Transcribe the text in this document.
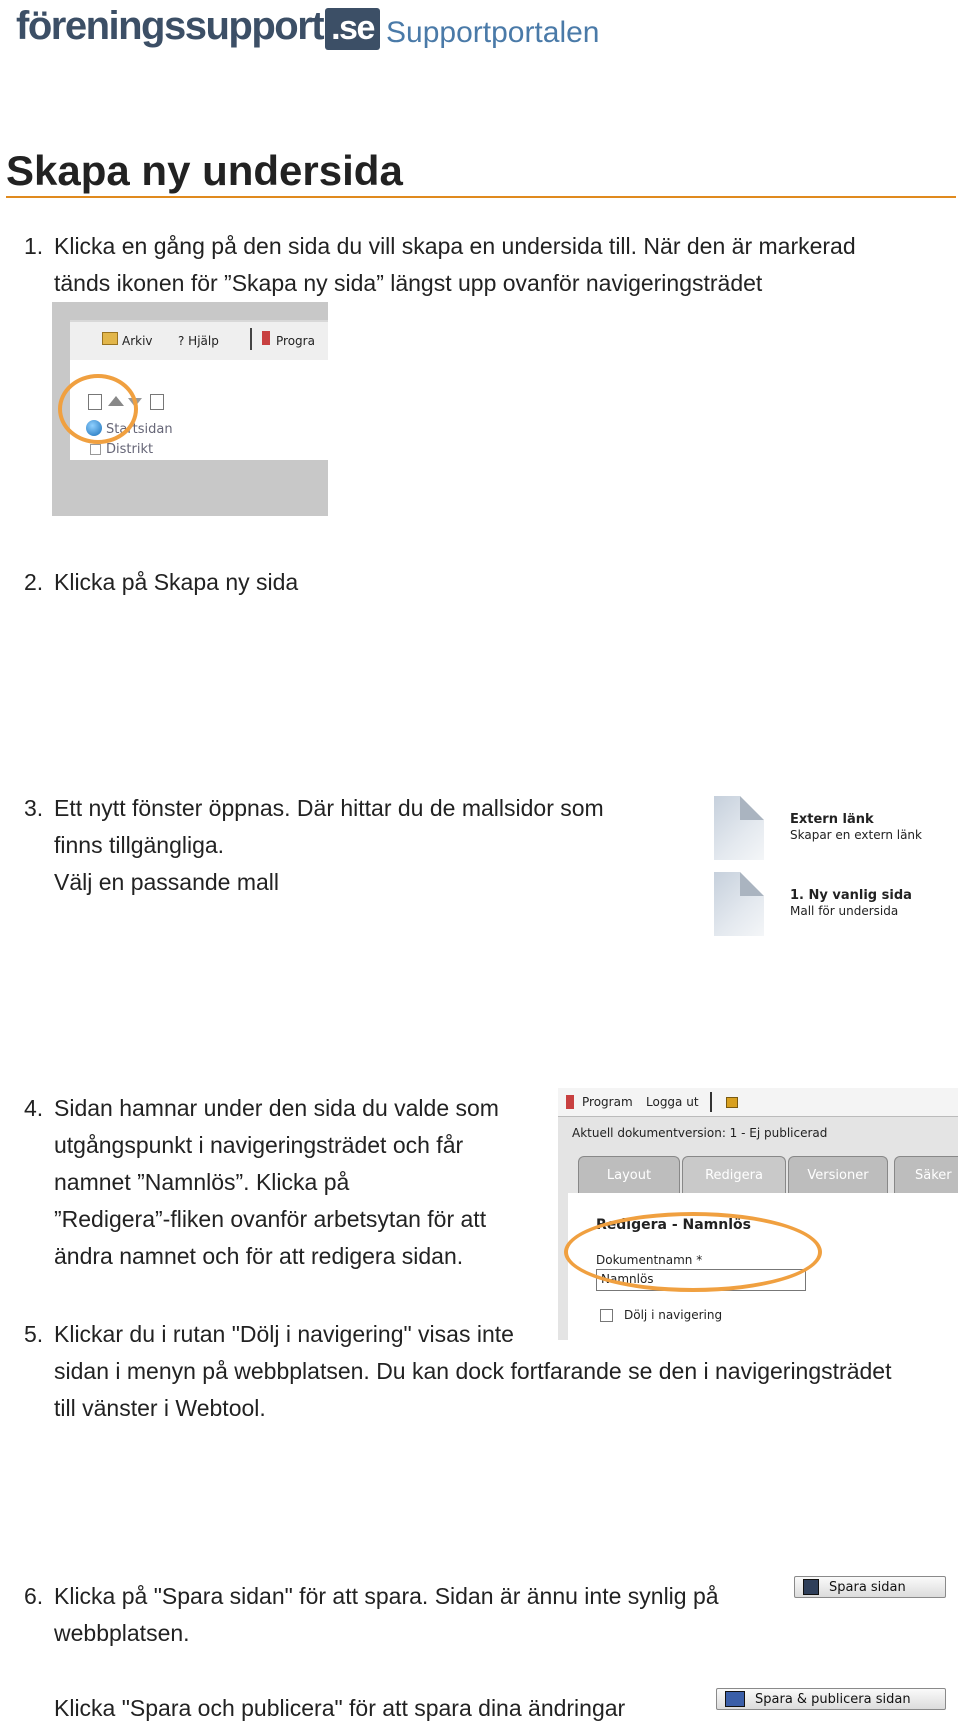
föreningssupport .se Supportportalen
Skapa ny undersida
1. Klicka en gång på den sida du vill skapa en undersida till. När den är markerad
tänds ikonen för ”Skapa ny sida” längst upp ovanför navigeringsträdet
Arkiv ? Hjälp	Progra
Startsidan
Distrikt
2. Klicka på Skapa ny sida
3. Ett nytt fönster öppnas. Där hittar du de mallsidor som
finns tillgängliga.
Välj en passande mall
Extern länk
Skapar en extern länk
1. Ny vanlig sida
Mall för undersida
4. Sidan hamnar under den sida du valde som
utgångspunkt i navigeringsträdet och får
namnet ”Namnlös”. Klicka på
”Redigera”-fliken ovanför arbetsytan för att
ändra namnet och för att redigera sidan.
Program Logga ut
Aktuell dokumentversion: 1 - Ej publicerad
Layout	Redigera	Versioner	Säker
Redigera - Namnlös
Dokumentnamn *
Namnlös
Dölj i navigering
5. Klickar du i rutan "Dölj i navigering" visas inte
sidan i menyn på webbplatsen. Du kan dock fortfarande se den i navigeringsträdet
till vänster i Webtool.
6. Klicka på "Spara sidan" för att spara. Sidan är ännu inte synlig på
webbplatsen.
Spara sidan
Klicka "Spara och publicera" för att spara dina ändringar	Spara & publicera sidan
